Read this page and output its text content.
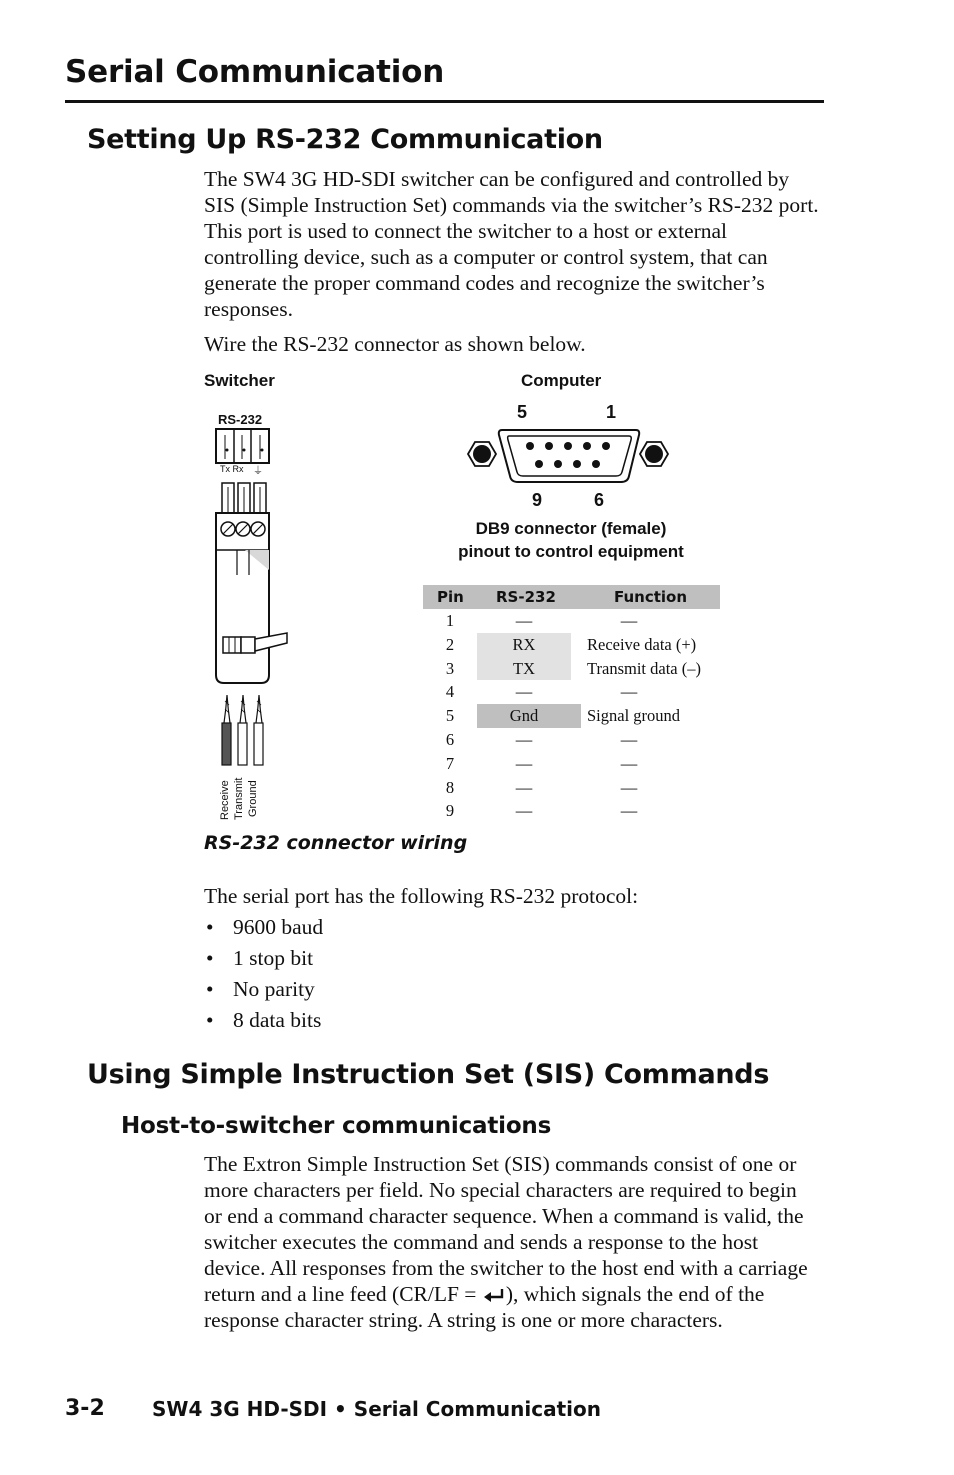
Serial Communication
Setting Up RS-232 Communication

The SW4 3G HD-SDI switcher can be configured and controlled by SIS (Simple Instruction Set) commands via the switcher’s RS-232 port. This port is used to connect the switcher to a host or external controlling device, such as a computer or control system, that can generate the proper command codes and recognize the switcher’s responses.

Wire the RS-232 connector as shown below.

Switcher	Computer
RS-232
Tx Rx ⏚
Receive Transmit Ground
5	1
9	6
DB9 connector (female)
pinout to control equipment
Pin RS-232	Function
1	—	—
2	RX	Receive data (+)
3	TX	Transmit data (–)
4	—	—
5	Gnd	Signal ground
6	—	—
7	—	—
8	—	—
9	—	—
RS-232 connector wiring

The serial port has the following RS-232 protocol:

• 9600 baud
• 1 stop bit
• No parity
• 8 data bits
Using Simple Instruction Set (SIS) Commands
Host-to-switcher communications

The Extron Simple Instruction Set (SIS) commands consist of one or more characters per field. No special characters are required to begin or end a command character sequence. When a command is valid, the switcher executes the command and sends a response to the host device. All responses from the switcher to the host end with a carriage return and a line feed (CR/LF = ), which signals the end of the response character string. A string is one or more characters.

3-2 SW4 3G HD-SDI • Serial Communication
